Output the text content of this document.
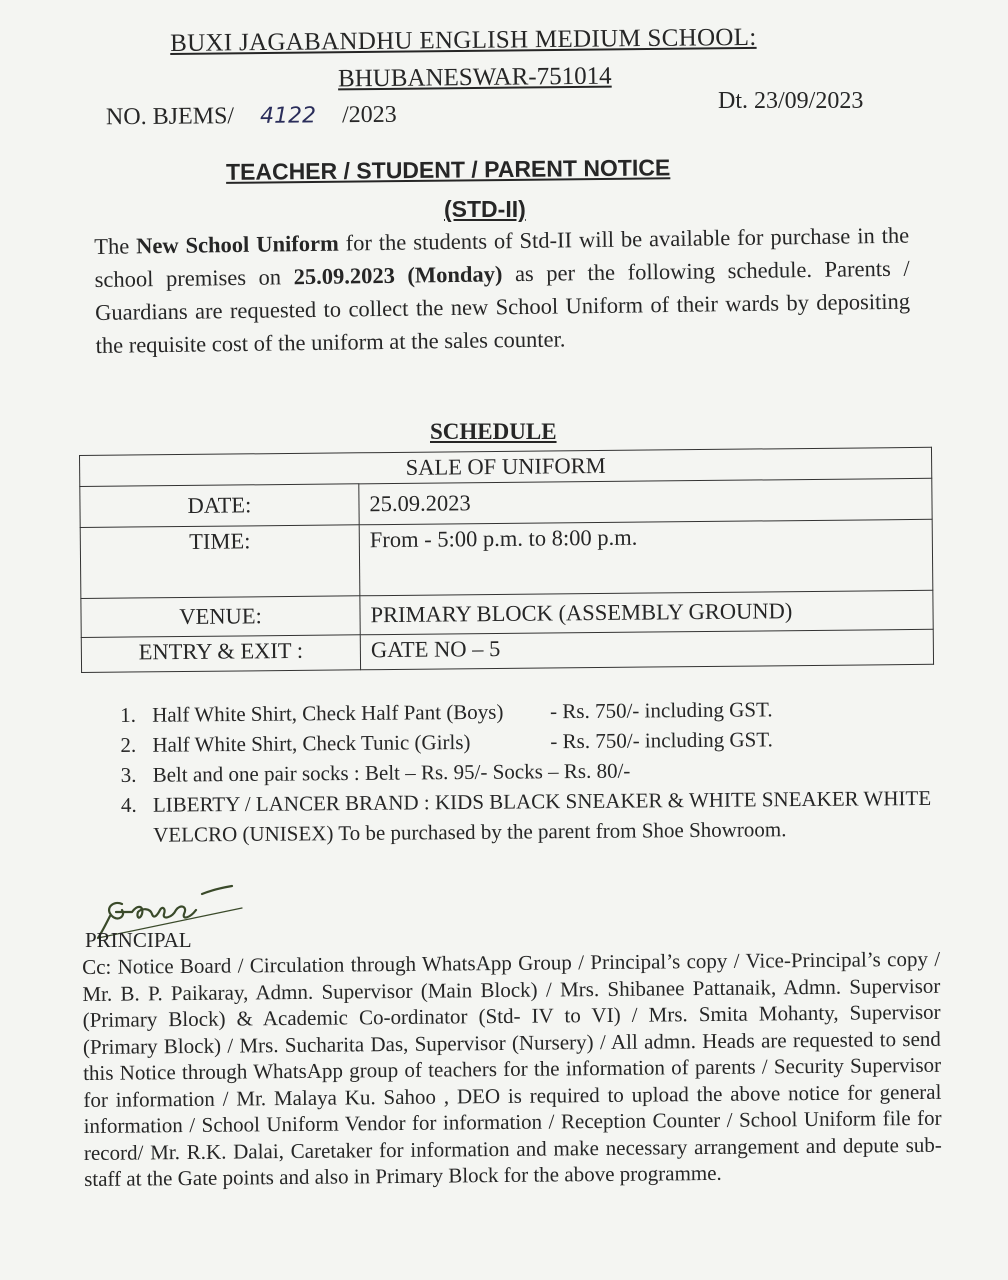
BUXI JAGABANDHU ENGLISH MEDIUM SCHOOL:
BHUBANESWAR-751014
NO. BJEMS/ 4122 /2023
Dt. 23/09/2023
TEACHER / STUDENT / PARENT NOTICE
(STD-II)
The New School Uniform for the students of Std-II will be available for purchase in the school premises on 25.09.2023 (Monday) as per the following schedule. Parents / Guardians are requested to collect the new School Uniform of their wards by depositing the requisite cost of the uniform at the sales counter.
SCHEDULE
SALE OF UNIFORM	
DATE:	25.09.2023
TIME:	From - 5:00 p.m. to 8:00 p.m.
VENUE:	PRIMARY BLOCK (ASSEMBLY GROUND)
ENTRY & EXIT :	GATE NO – 5
1. Half White Shirt, Check Half Pant (Boys) - Rs. 750/- including GST.
2. Half White Shirt, Check Tunic (Girls)	- Rs. 750/- including GST.
3. Belt and one pair socks : Belt – Rs. 95/- Socks – Rs. 80/-
4. LIBERTY / LANCER BRAND : KIDS BLACK SNEAKER & WHITE SNEAKER WHITE VELCRO (UNISEX) To be purchased by the parent from Shoe Showroom.
PRINCIPAL
Cc: Notice Board / Circulation through WhatsApp Group / Principal’s copy / Vice-Principal’s copy / Mr. B. P. Paikaray, Admn. Supervisor (Main Block) / Mrs. Shibanee Pattanaik, Admn. Supervisor (Primary Block) & Academic Co-ordinator (Std- IV to VI) / Mrs. Smita Mohanty, Supervisor (Primary Block) / Mrs. Sucharita Das, Supervisor (Nursery) / All admn. Heads are requested to send this Notice through WhatsApp group of teachers for the information of parents / Security Supervisor for information / Mr. Malaya Ku. Sahoo , DEO is required to upload the above notice for general information / School Uniform Vendor for information / Reception Counter / School Uniform file for record/ Mr. R.K. Dalai, Caretaker for information and make necessary arrangement and depute sub-staff at the Gate points and also in Primary Block for the above programme.
